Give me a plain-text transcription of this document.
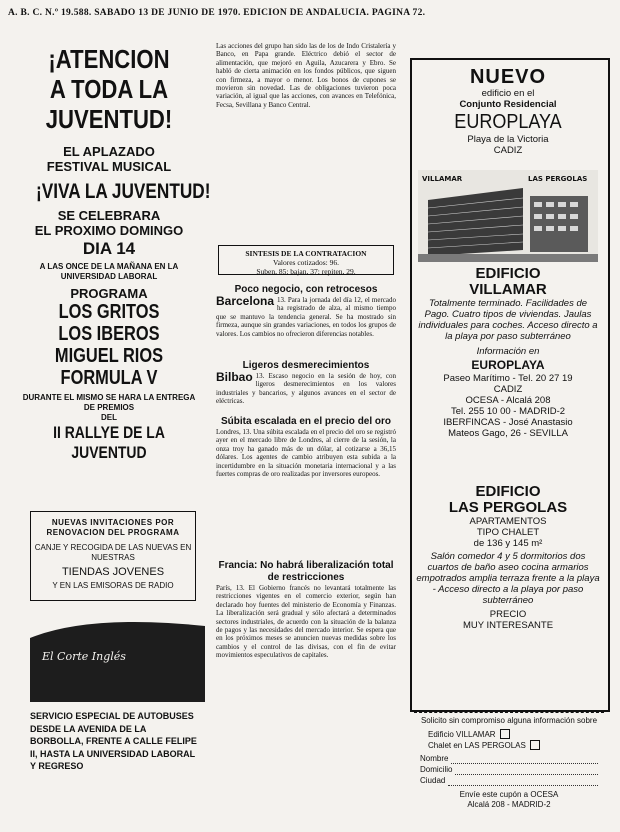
A. B. C. N.º 19.588. SABADO 13 DE JUNIO DE 1970. EDICION DE ANDALUCIA. PAGINA 72.
¡ATENCION
A TODA LA
JUVENTUD!
EL APLAZADO
FESTIVAL MUSICAL
¡VIVA LA JUVENTUD!
SE CELEBRARA
EL PROXIMO DOMINGO
DIA 14
A LAS ONCE DE LA MAÑANA EN LA UNIVERSIDAD LABORAL
PROGRAMA
LOS GRITOS
LOS IBEROS
MIGUEL RIOS
FORMULA V
DURANTE EL MISMO SE HARA LA ENTREGA DE PREMIOS
DEL
II RALLYE DE LA
JUVENTUD
NUEVAS INVITACIONES POR RENOVACION DEL PROGRAMA
CANJE Y RECOGIDA DE LAS NUEVAS EN NUESTRAS
TIENDAS JOVENES
Y EN LAS EMISORAS DE RADIO
El Corte Inglés
SERVICIO ESPECIAL DE AUTOBUSES DESDE LA AVENIDA DE LA BORBOLLA, FRENTE A CALLE FELIPE II, HASTA LA UNIVERSIDAD LABORAL Y REGRESO

Las acciones del grupo han sido las de los de Indo Cristalería y Banco, en Papa grande. Eléctrico debió el sector de alimentación, que mejoró en Aguila, Azucarera y Ebro. Se habló de cierta animación en los fondos públicos, que siguen con firmeza, a mayor o menor. Los bonos de cupones se movieron sin novedad. Las de obligaciones tuvieron poca variación, al igual que las acciones, con avances en Telefónica, Fecsa, Sevillana y Banco Central.

SINTESIS DE LA CONTRATACION
Valores cotizados: 96.
Suben, 85; bajan, 37; repiten, 29.
Poco negocio, con retrocesos

Barcelona 13. Para la jornada del día 12, el mercado ha registrado de alza, al mismo tiempo que se mantuvo la tendencia general. Se ha mostrado sin firmeza, aunque sin grandes variaciones, en todos los grupos de valores. Los cambios no ofrecieron diferencias notables.

Ligeros desmerecimientos

Bilbao 13. Escaso negocio en la sesión de hoy, con ligeros desmerecimientos en los valores industriales y bancarios, y algunos avances en el sector de eléctricas.

Súbita escalada en el precio del oro

Londres, 13. Una súbita escalada en el precio del oro se registró ayer en el mercado libre de Londres, al cierre de la sesión, la onza troy ha ganado más de un dólar, al cotizarse a 36,15 dólares. Los agentes de cambio atribuyen esta subida a la incertidumbre en la situación monetaria internacional y a las fuertes compras de oro realizadas por inversores europeos.

Francia: No habrá liberalización total de restricciones

París, 13. El Gobierno francés no levantará totalmente las restricciones vigentes en el comercio exterior, según han declarado hoy fuentes del ministerio de Economía y Finanzas. La liberalización será gradual y sólo afectará a determinados sectores industriales, de acuerdo con la situación de la balanza de pagos y las necesidades del mercado interior. Se espera que en los próximos meses se anuncien nuevas medidas sobre los cambios y el control de las divisas, con el fin de evitar movimientos especulativos de capitales.

NUEVO
edificio en el
Conjunto Residencial
EUROPLAYA
Playa de la Victoria
CADIZ
VILLAMAR	LAS PERGOLAS
EDIFICIO
VILLAMAR
Totalmente terminado. Facilidades de Pago. Cuatro tipos de viviendas. Jaulas individuales para coches. Acceso directo a la playa por paso subterráneo
Información en
EUROPLAYA
Paseo Marítimo - Tel. 20 27 19
CADIZ
OCESA - Alcalá 208
Tel. 255 10 00 - MADRID-2
IBERFINCAS - José Anastasio
Mateos Gago, 26 - SEVILLA
EDIFICIO
LAS PERGOLAS
APARTAMENTOS
TIPO CHALET
de 136 y 145 m²
Salón comedor 4 y 5 dormitorios dos cuartos de baño aseo cocina armarios empotrados amplia terraza frente a la playa - Acceso directo a la playa por paso subterráneo
PRECIO
MUY INTERESANTE
Solicito sin compromiso alguna información sobre
Edificio VILLAMAR
Chalet en LAS PERGOLAS
Nombre
Domicilio
Ciudad
Envíe este cupón a OCESA
Alcalá 208 - MADRID-2
